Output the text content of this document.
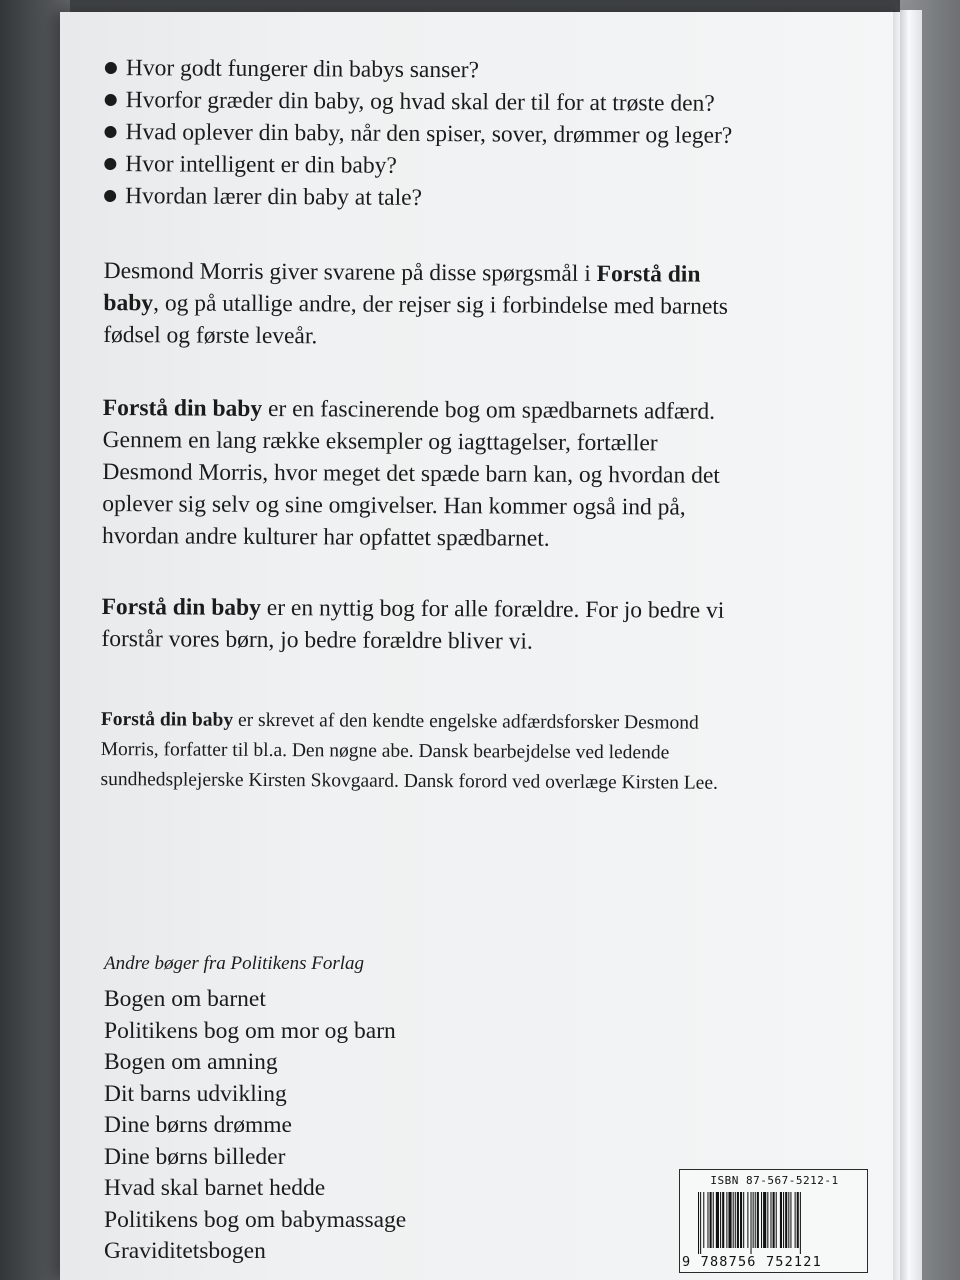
Hvor godt fungerer din babys sanser?
Hvorfor græder din baby, og hvad skal der til for at trøste den?
Hvad oplever din baby, når den spiser, sover, drømmer og leger?
Hvor intelligent er din baby?
Hvordan lærer din baby at tale?

Desmond Morris giver svarene på disse spørgsmål i Forstå din
baby, og på utallige andre, der rejser sig i forbindelse med barnets
fødsel og første leveår.

Forstå din baby er en fascinerende bog om spædbarnets adfærd.
Gennem en lang række eksempler og iagttagelser, fortæller
Desmond Morris, hvor meget det spæde barn kan, og hvordan det
oplever sig selv og sine omgivelser. Han kommer også ind på,
hvordan andre kulturer har opfattet spædbarnet.

Forstå din baby er en nyttig bog for alle forældre. For jo bedre vi
forstår vores børn, jo bedre forældre bliver vi.

Forstå din baby er skrevet af den kendte engelske adfærdsforsker Desmond
Morris, forfatter til bl.a. Den nøgne abe. Dansk bearbejdelse ved ledende
sundhedsplejerske Kirsten Skovgaard. Dansk forord ved overlæge Kirsten Lee.

Andre bøger fra Politikens Forlag

Bogen om barnet
Politikens bog om mor og barn
Bogen om amning
Dit barns udvikling
Dine børns drømme
Dine børns billeder
Hvad skal barnet hedde
Politikens bog om babymassage
Graviditetsbogen
ISBN 87-567-5212-1
9 788756 752121
